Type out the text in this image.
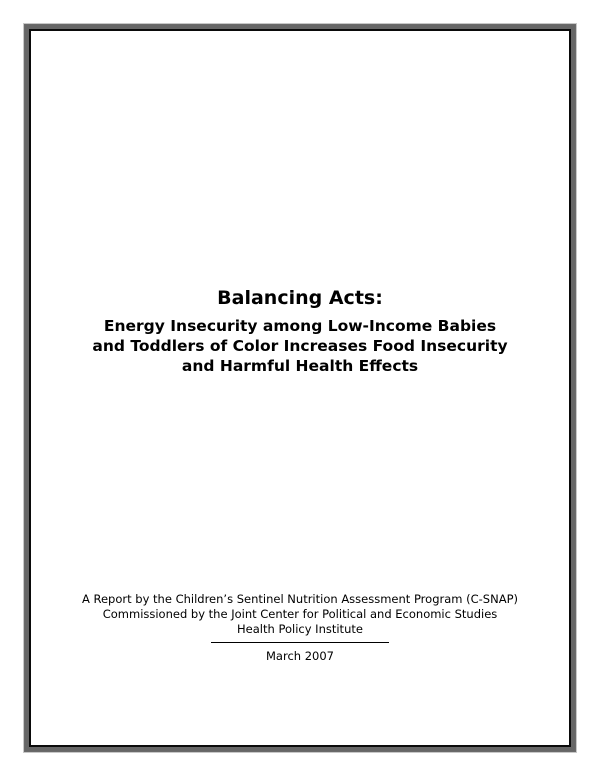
Balancing Acts:
Energy Insecurity among Low-Income Babies
and Toddlers of Color Increases Food Insecurity
and Harmful Health Effects
A Report by the Children’s Sentinel Nutrition Assessment Program (C-SNAP)
Commissioned by the Joint Center for Political and Economic Studies
Health Policy Institute
March 2007
